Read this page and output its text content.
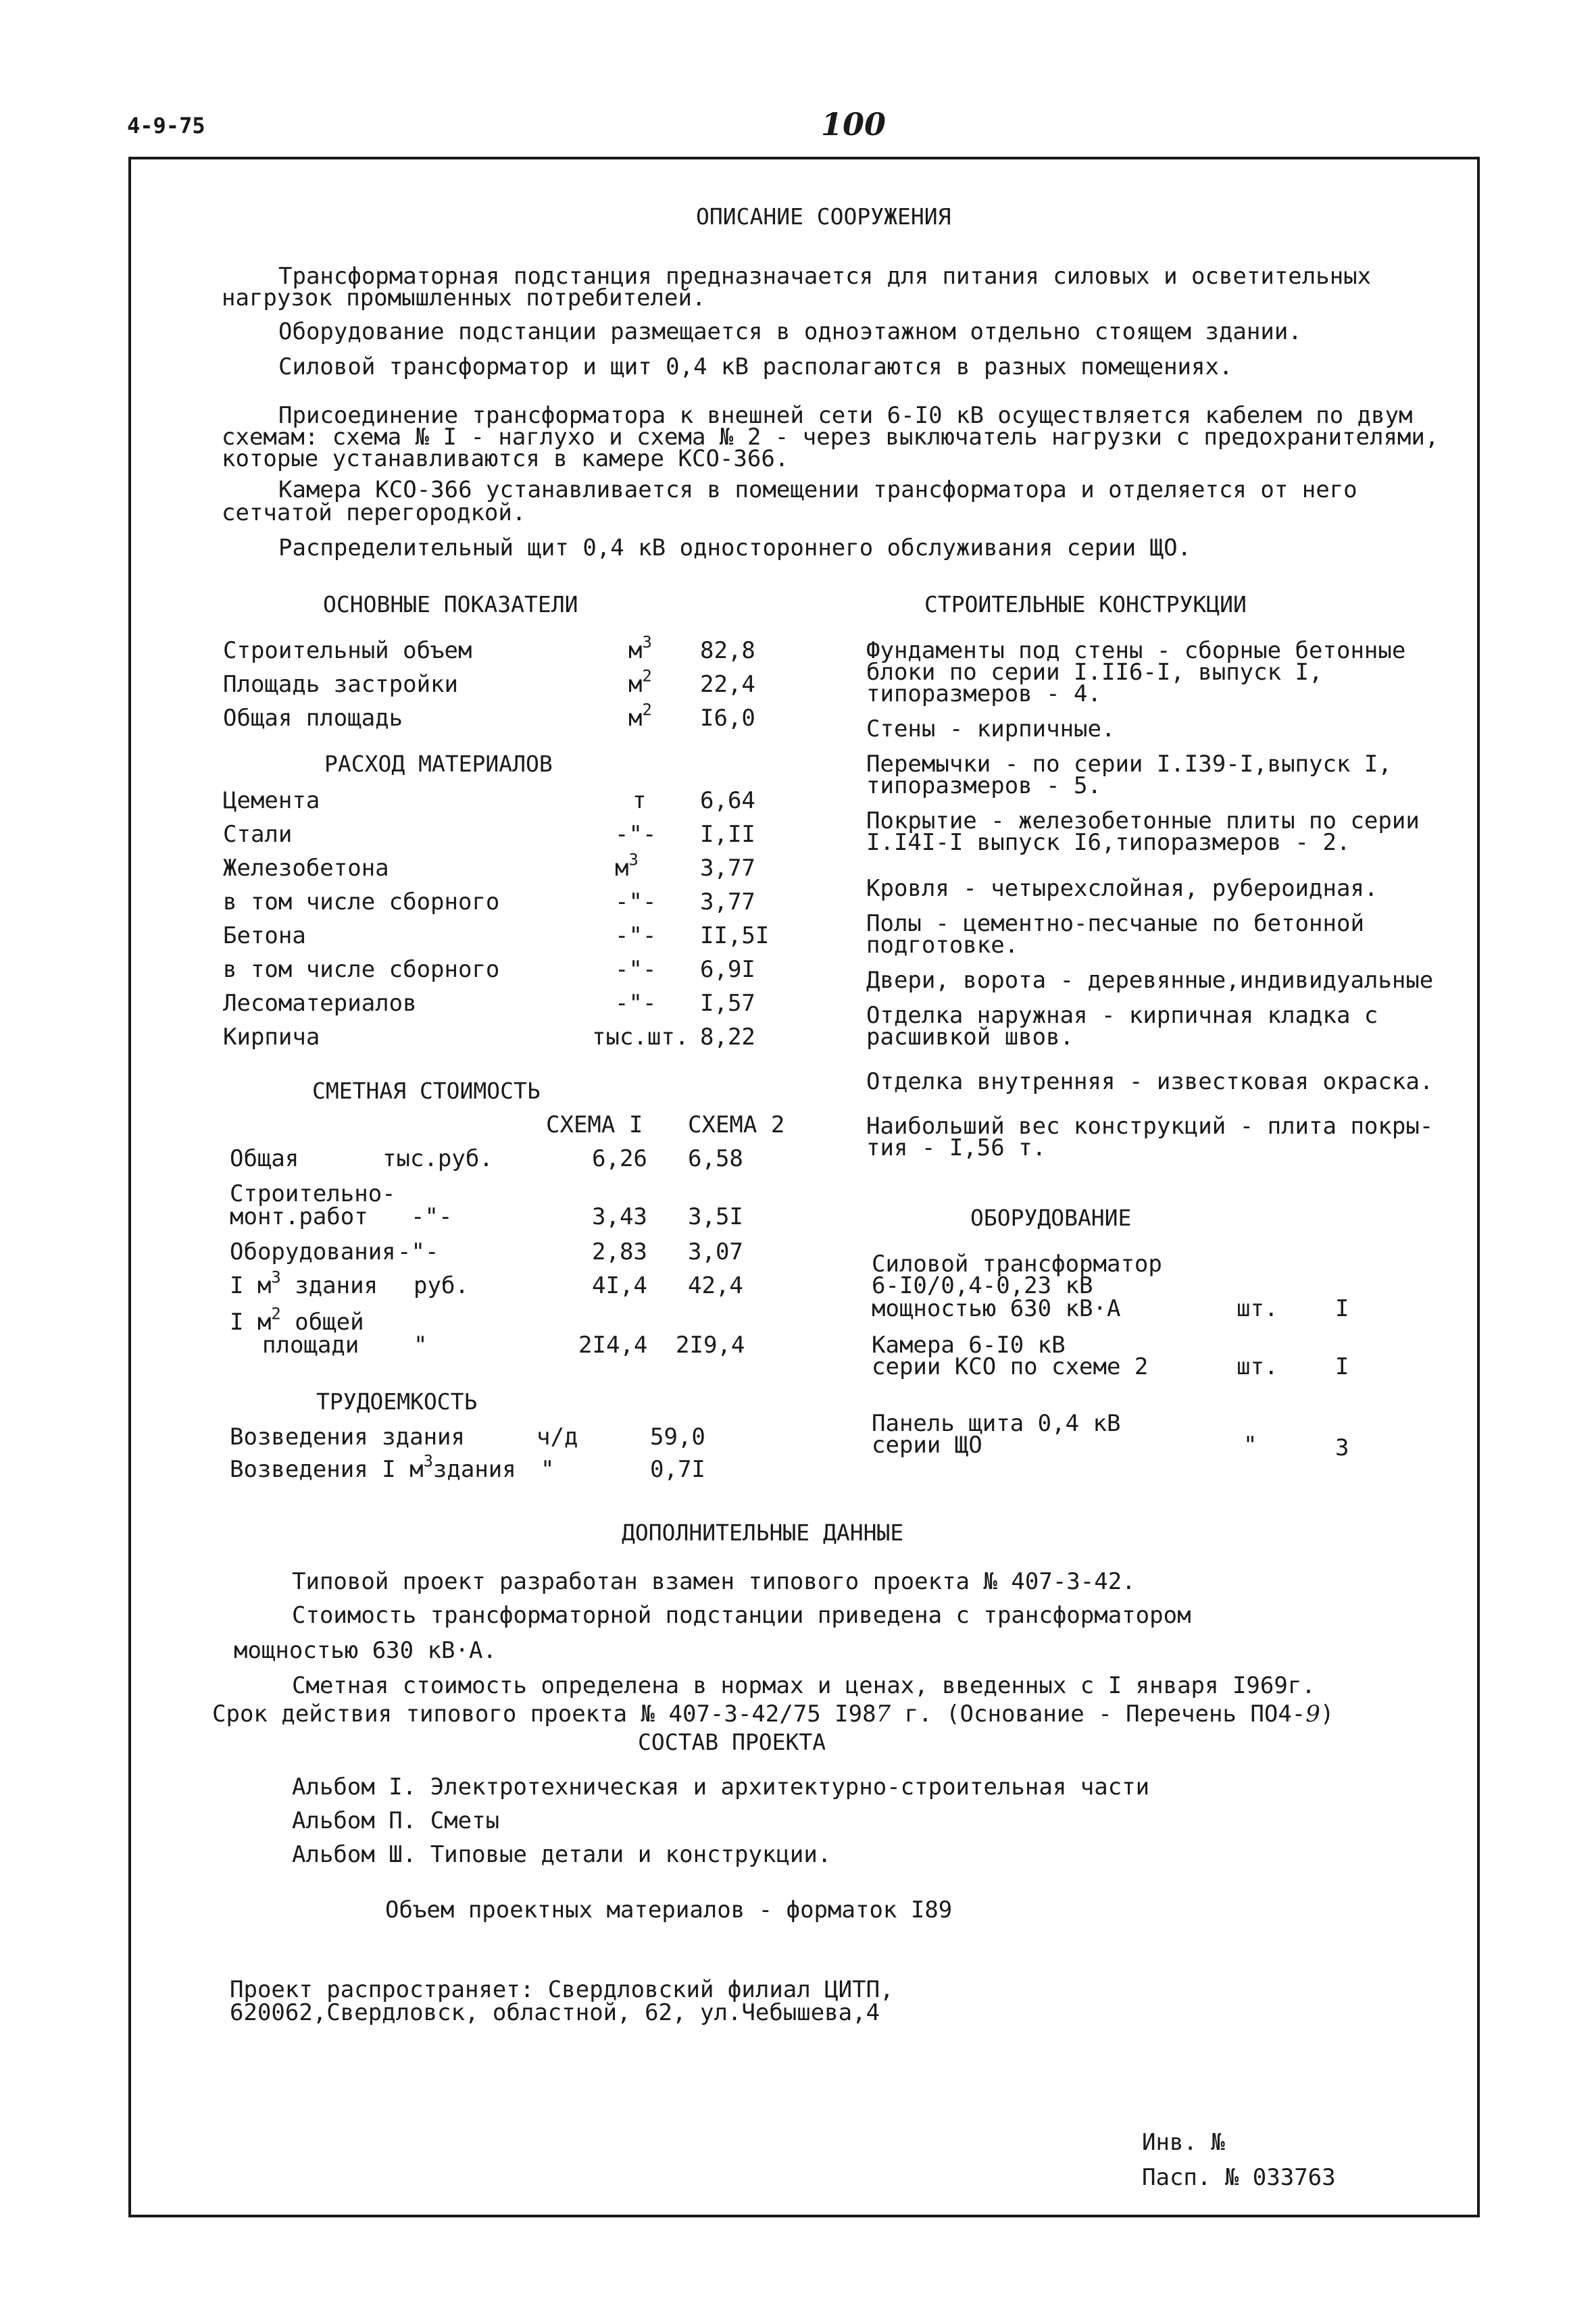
4-9-75	100
ОПИСАНИЕ СООРУЖЕНИЯ
Трансформаторная подстанция предназначается для питания силовых и осветительных
нагрузок промышленных потребителей.
Оборудование подстанции размещается в одноэтажном отдельно стоящем здании.
Силовой трансформатор и щит 0,4 кВ располагаются в разных помещениях.
Присоединение трансформатора к внешней сети 6-I0 кВ осуществляется кабелем по двум
схемам: схема № I - наглухо и схема № 2 - через выключатель нагрузки с предохранителями,
которые устанавливаются в камере КСО-366.
Камера КСО-366 устанавливается в помещении трансформатора и отделяется от него
сетчатой перегородкой.
Распределительный щит 0,4 кВ одностороннего обслуживания серии ЩО.
ОСНОВНЫЕ ПОКАЗАТЕЛИ
Строительный объем	$м^3$ 82,8
Площадь застройки	$м^2$ 22,4
Общая площадь	$м^2$ I6,0
РАСХОД МАТЕРИАЛОВ
Цемента	т 6,64
Стали	-"- I,II
Железобетона	$м^3$	3,77
в том числе сборного	-"- 3,77
Бетона	-"- II,5I
в том числе сборного	-"- 6,9I
Лесоматериалов	-"- I,57
Кирпича	тыс.шт. 8,22
СМЕТНАЯ СТОИМОСТЬ
СХЕМА I СХЕМА 2
Общая	тыс.руб.	6,26 6,58
Строительно-
монт.работ -"-	3,43 3,5I
Оборудования -"-	2,83 3,07
I $м^3$ здания руб.	4I,4 42,4
I $м^2$ общей
площади "	2I4,4 2I9,4
ТРУДОЕМКОСТЬ
Возведения здания	ч/д	59,0
Возведения I $м^3здания$ "	0,7I
СТРОИТЕЛЬНЫЕ КОНСТРУКЦИИ
Фундаменты под стены - сборные бетонные
блоки по серии I.II6-I, выпуск I,
типоразмеров - 4.
Стены - кирпичные.
Перемычки - по серии I.I39-I,выпуск I,
типоразмеров - 5.
Покрытие - железобетонные плиты по серии
I.I4I-I выпуск I6,типоразмеров - 2.
Кровля - четырехслойная, рубероидная.
Полы - цементно-песчаные по бетонной
подготовке.
Двери, ворота - деревянные,индивидуальные
Отделка наружная - кирпичная кладка с
расшивкой швов.
Отделка внутренняя - известковая окраска.
Наибольший вес конструкций - плита покры-
тия - I,56 т.
ОБОРУДОВАНИЕ
Силовой трансформатор
6-I0/0,4-0,23 кВ
мощностью 630 кВ·А	шт. I
Камера 6-I0 кВ
серии КСО по схеме 2	шт. I
Панель щита 0,4 кВ
серии ЩО	"	3
ДОПОЛНИТЕЛЬНЫЕ ДАННЫЕ
Типовой проект разработан взамен типового проекта № 407-3-42.
Стоимость трансформаторной подстанции приведена с трансформатором
мощностью 630 кВ·А.
Сметная стоимость определена в нормах и ценах, введенных с I января I969г.
Срок действия типового проекта № 407-3-42/75 I987 г. (Основание - Перечень ПО4-9)
СОСТАВ ПРОЕКТА
Альбом I. Электротехническая и архитектурно-строительная части
Альбом П. Сметы
Альбом Ш. Типовые детали и конструкции.
Объем проектных материалов - форматок I89
Проект распространяет: Свердловский филиал ЦИТП,
620062,Свердловск, областной, 62, ул.Чебышева,4
Инв. №
Пасп. № 033763
